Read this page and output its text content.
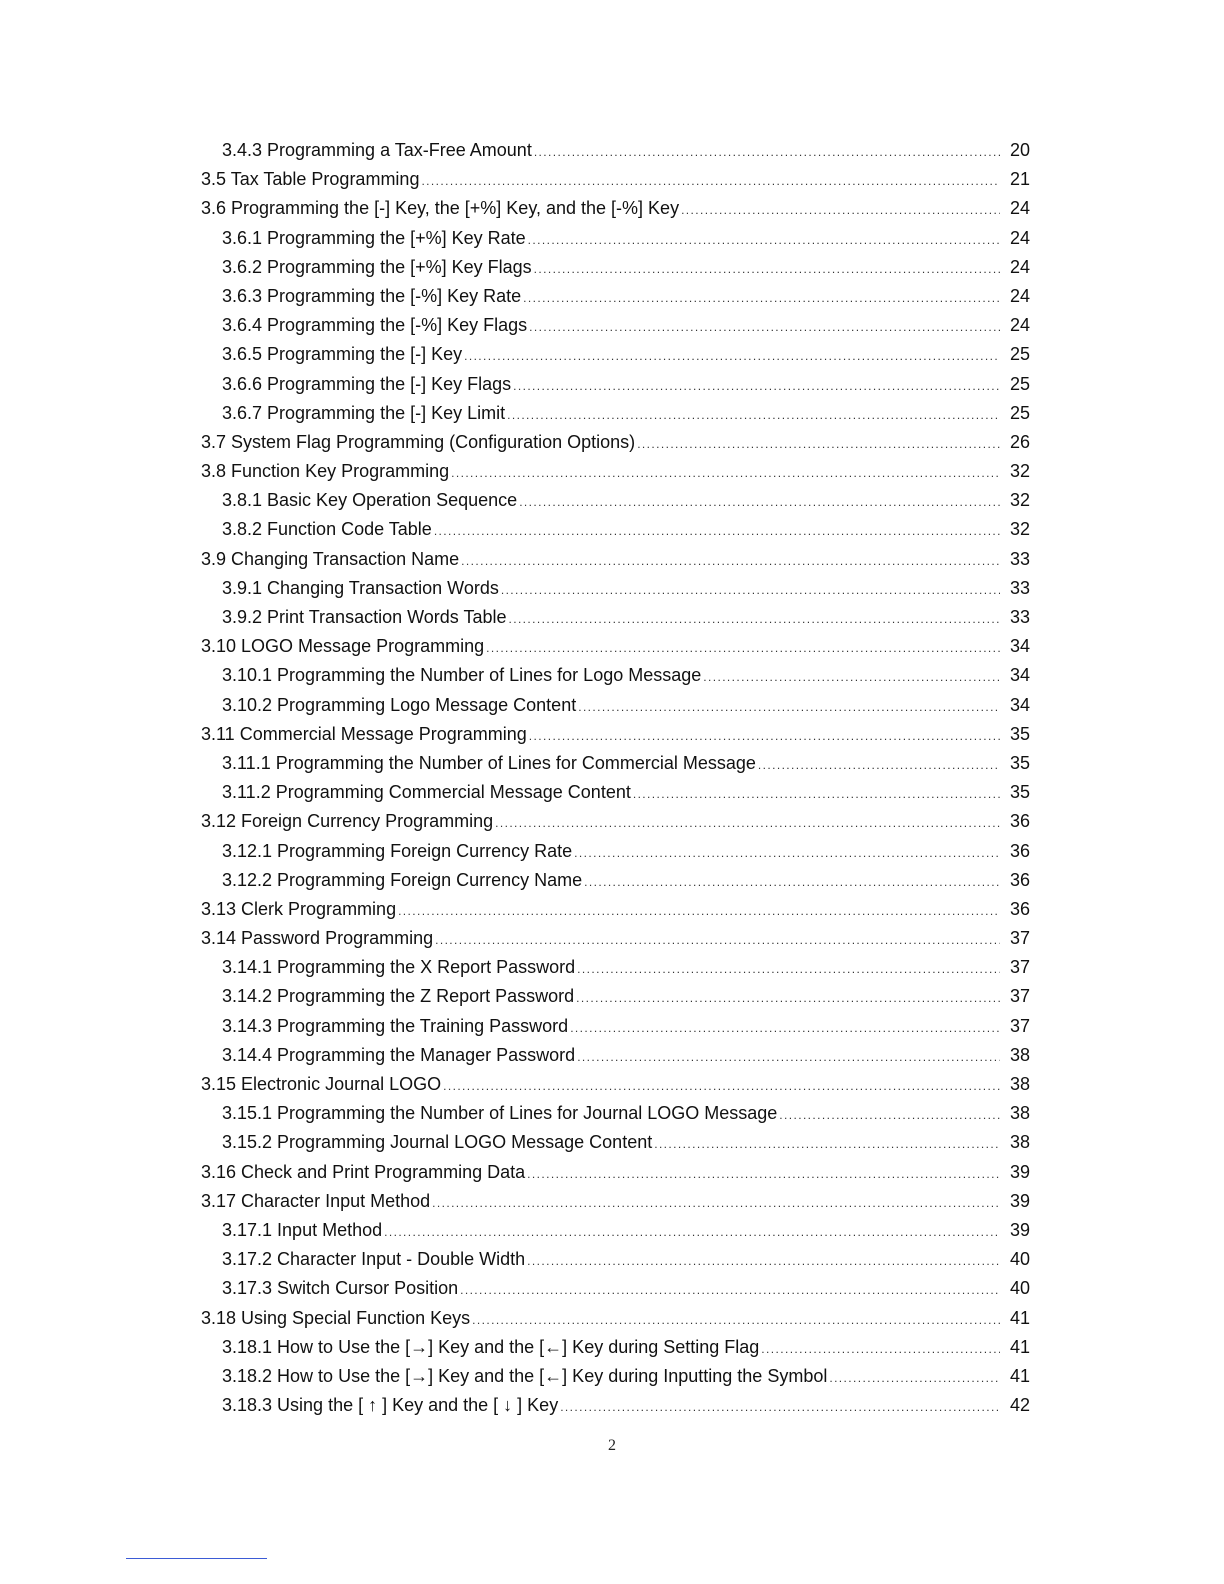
3.4.3 Programming a Tax-Free Amount .....	20
3.5 Tax Table Programming .....	21
3.6 Programming the [-] Key, the [+%] Key, and the [-%] Key .....	24
3.6.1 Programming the [+%] Key Rate .....	24
3.6.2 Programming the [+%] Key Flags .....	24
3.6.3 Programming the [-%] Key Rate .....	24
3.6.4 Programming the [-%] Key Flags .....	24
3.6.5 Programming the [-] Key .....	25
3.6.6 Programming the [-] Key Flags .....	25
3.6.7 Programming the [-] Key Limit .....	25
3.7 System Flag Programming (Configuration Options) .....	26
3.8 Function Key Programming .....	32
3.8.1 Basic Key Operation Sequence .....	32
3.8.2 Function Code Table .....	32
3.9 Changing Transaction Name .....	33
3.9.1 Changing Transaction Words .....	33
3.9.2 Print Transaction Words Table .....	33
3.10 LOGO Message Programming .....	34
3.10.1 Programming the Number of Lines for Logo Message .....	34
3.10.2 Programming Logo Message Content .....	34
3.11 Commercial Message Programming .....	35
3.11.1 Programming the Number of Lines for Commercial Message .....	35
3.11.2 Programming Commercial Message Content .....	35
3.12 Foreign Currency Programming .....	36
3.12.1 Programming Foreign Currency Rate .....	36
3.12.2 Programming Foreign Currency Name .....	36
3.13 Clerk Programming .....	36
3.14 Password Programming .....	37
3.14.1 Programming the X Report Password .....	37
3.14.2 Programming the Z Report Password .....	37
3.14.3 Programming the Training Password .....	37
3.14.4 Programming the Manager Password .....	38
3.15 Electronic Journal LOGO .....	38
3.15.1 Programming the Number of Lines for Journal LOGO Message .....	38
3.15.2 Programming Journal LOGO Message Content .....	38
3.16 Check and Print Programming Data .....	39
3.17 Character Input Method .....	39
3.17.1 Input Method .....	39
3.17.2 Character Input - Double Width .....	40
3.17.3 Switch Cursor Position .....	40
3.18 Using Special Function Keys .....	41
3.18.1 How to Use the [→] Key and the [←] Key during Setting Flag .....	41
3.18.2 How to Use the [→] Key and the [←] Key during Inputting the Symbol .....	41
3.18.3 Using the [ ↑ ] Key and the [ ↓ ] Key .....	42
2
